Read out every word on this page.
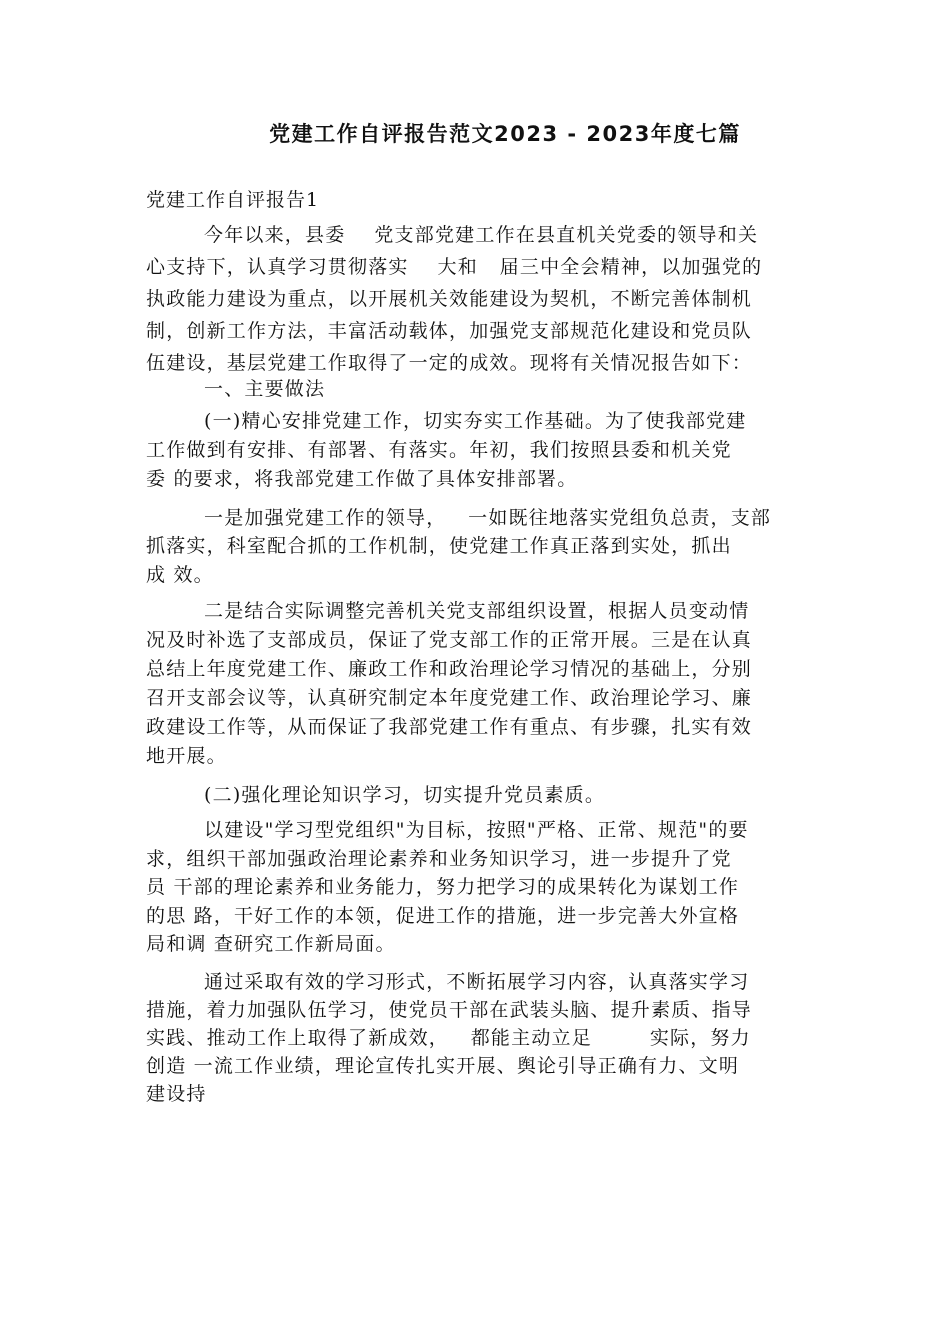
党建工作自评报告范文2023 - 2023年度七篇
党建工作自评报告1
今年以来，县委    党支部党建工作在县直机关党委的领导和关
心支持下，认真学习贯彻落实    大和   届三中全会精神，以加强党的
执政能力建设为重点，以开展机关效能建设为契机，不断完善体制机
制，创新工作方法，丰富活动载体，加强党支部规范化建设和党员队
伍建设，基层党建工作取得了一定的成效。现将有关情况报告如下：
一、主要做法
(一)精心安排党建工作，切实夯实工作基础。为了使我部党建
工作做到有安排、有部署、有落实。年初，我们按照县委和机关党
委 的要求，将我部党建工作做了具体安排部署。
一是加强党建工作的领导，   一如既往地落实党组负总责，支部
抓落实，科室配合抓的工作机制，使党建工作真正落到实处，抓出
成 效。
二是结合实际调整完善机关党支部组织设置，根据人员变动情
况及时补选了支部成员，保证了党支部工作的正常开展。三是在认真
总结上年度党建工作、廉政工作和政治理论学习情况的基础上，分别
召开支部会议等，认真研究制定本年度党建工作、政治理论学习、廉
政建设工作等，从而保证了我部党建工作有重点、有步骤，扎实有效
地开展。
(二)强化理论知识学习，切实提升党员素质。
以建设"学习型党组织"为目标，按照"严格、正常、规范"的要
求，组织干部加强政治理论素养和业务知识学习，进一步提升了党
员 干部的理论素养和业务能力，努力把学习的成果转化为谋划工作
的思 路，干好工作的本领，促进工作的措施，进一步完善大外宣格
局和调 查研究工作新局面。
通过采取有效的学习形式，不断拓展学习内容，认真落实学习
措施，着力加强队伍学习，使党员干部在武装头脑、提升素质、指导
实践、推动工作上取得了新成效，   都能主动立足        实际，努力
创造 一流工作业绩，理论宣传扎实开展、舆论引导正确有力、文明
建设持
